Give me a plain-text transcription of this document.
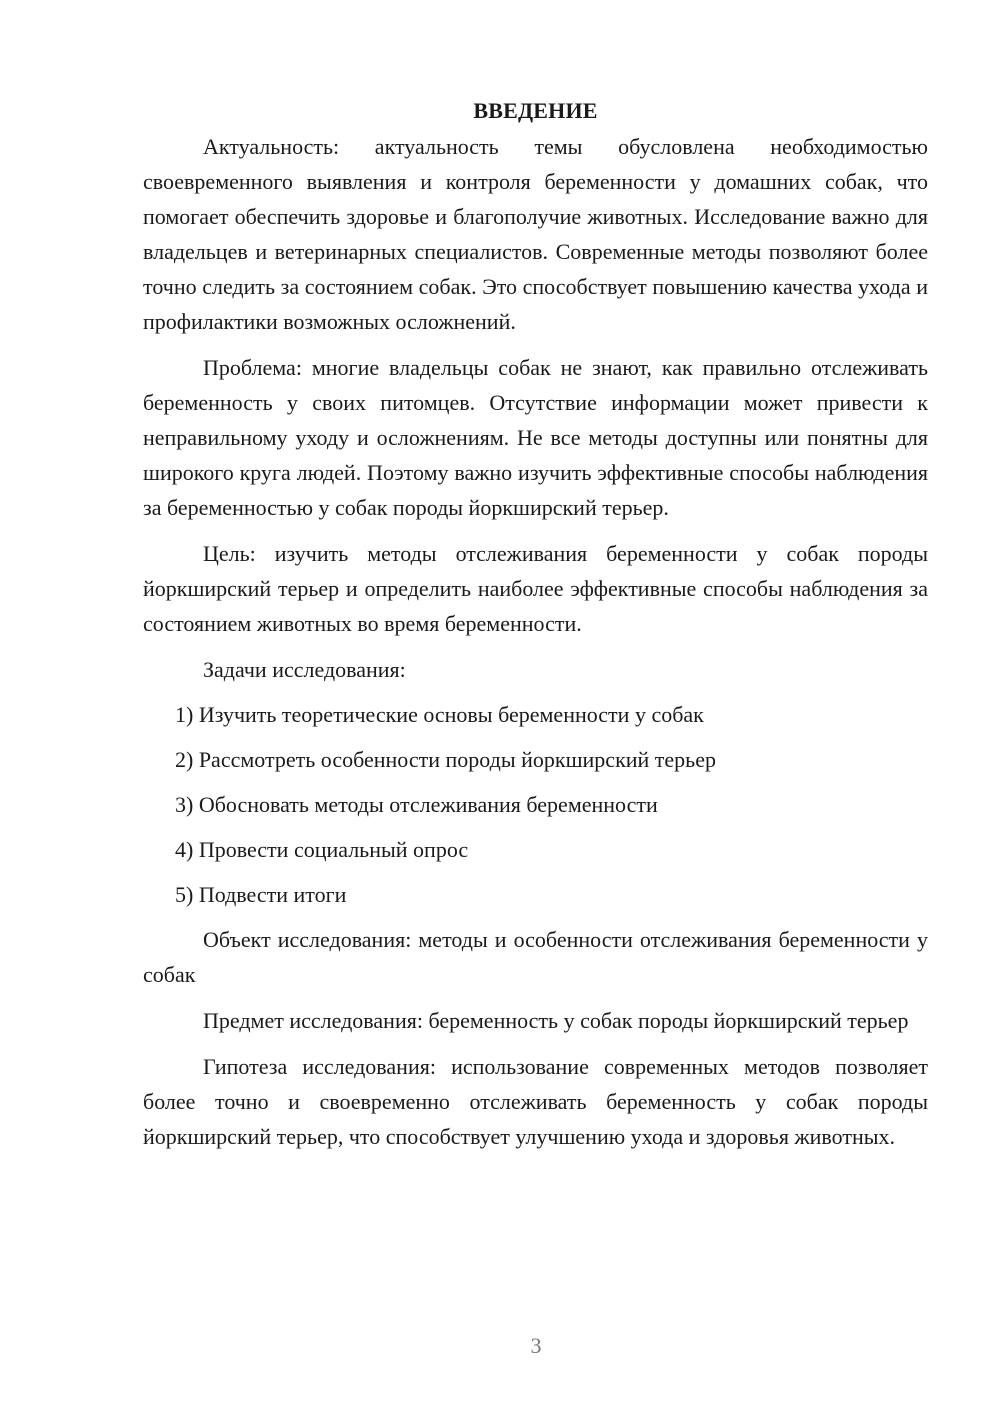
ВВЕДЕНИЕ

Актуальность: актуальность темы обусловлена необходимостью своевременного выявления и контроля беременности у домашних собак, что помогает обеспечить здоровье и благополучие животных. Исследование важно для владельцев и ветеринарных специалистов. Современные методы позволяют более точно следить за состоянием собак. Это способствует повышению качества ухода и профилактики возможных осложнений.

Проблема: многие владельцы собак не знают, как правильно отслеживать беременность у своих питомцев. Отсутствие информации может привести к неправильному уходу и осложнениям. Не все методы доступны или понятны для широкого круга людей. Поэтому важно изучить эффективные способы наблюдения за беременностью у собак породы йоркширский терьер.

Цель: изучить методы отслеживания беременности у собак породы йоркширский терьер и определить наиболее эффективные способы наблюдения за состоянием животных во время беременности.

Задачи исследования:

1) Изучить теоретические основы беременности у собак
2) Рассмотреть особенности породы йоркширский терьер
3) Обосновать методы отслеживания беременности
4) Провести социальный опрос
5) Подвести итоги

Объект исследования: методы и особенности отслеживания беременности у собак

Предмет исследования: беременность у собак породы йоркширский терьер

Гипотеза исследования: использование современных методов позволяет более точно и своевременно отслеживать беременность у собак породы йоркширский терьер, что способствует улучшению ухода и здоровья животных.

3
